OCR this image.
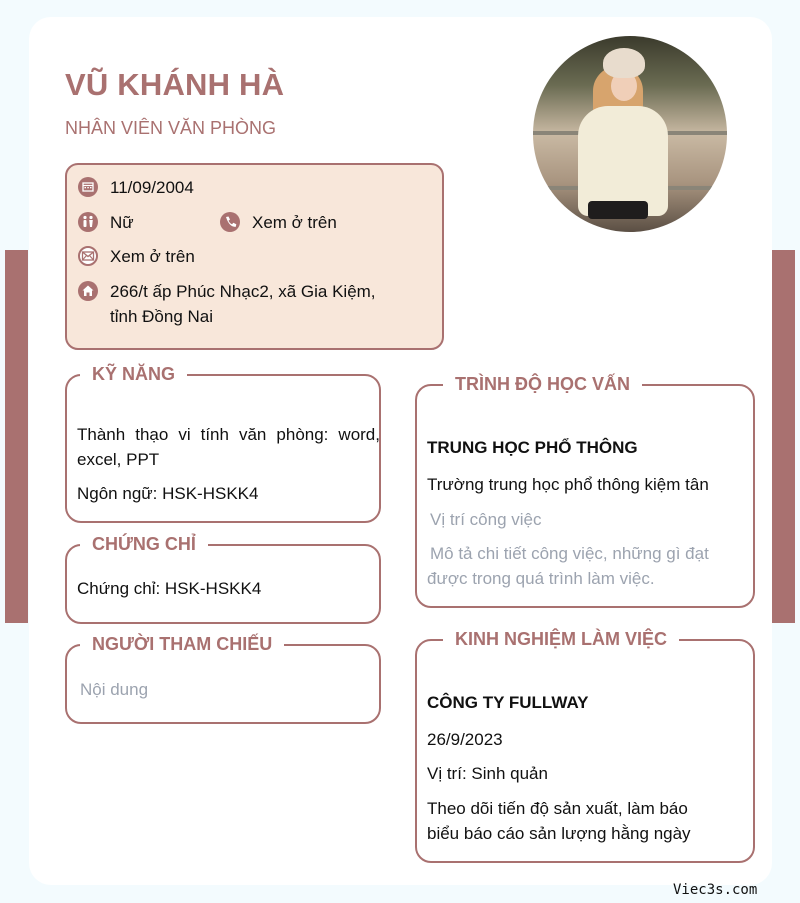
VŨ KHÁNH HÀ
NHÂN VIÊN VĂN PHÒNG
11/09/2004
Nữ	Xem ở trên
Xem ở trên
266/t ấp Phúc Nhạc2, xã Gia Kiệm,
tỉnh Đồng Nai
KỸ NĂNG
Thành thạo vi tính văn phòng: word, excel, PPT
Ngôn ngữ: HSK-HSKK4
CHỨNG CHỈ
Chứng chỉ: HSK-HSKK4
NGƯỜI THAM CHIẾU
Nội dung
TRÌNH ĐỘ HỌC VẤN
TRUNG HỌC PHỔ THÔNG
Trường trung học phổ thông kiệm tân
Vị trí công việc
Mô tả chi tiết công việc, những gì đạt được trong quá trình làm việc.
KINH NGHIỆM LÀM VIỆC
CÔNG TY FULLWAY
26/9/2023
Vị trí: Sinh quản
Theo dõi tiến độ sản xuất, làm báo biểu báo cáo sản lượng hằng ngày
Viec3s.com
